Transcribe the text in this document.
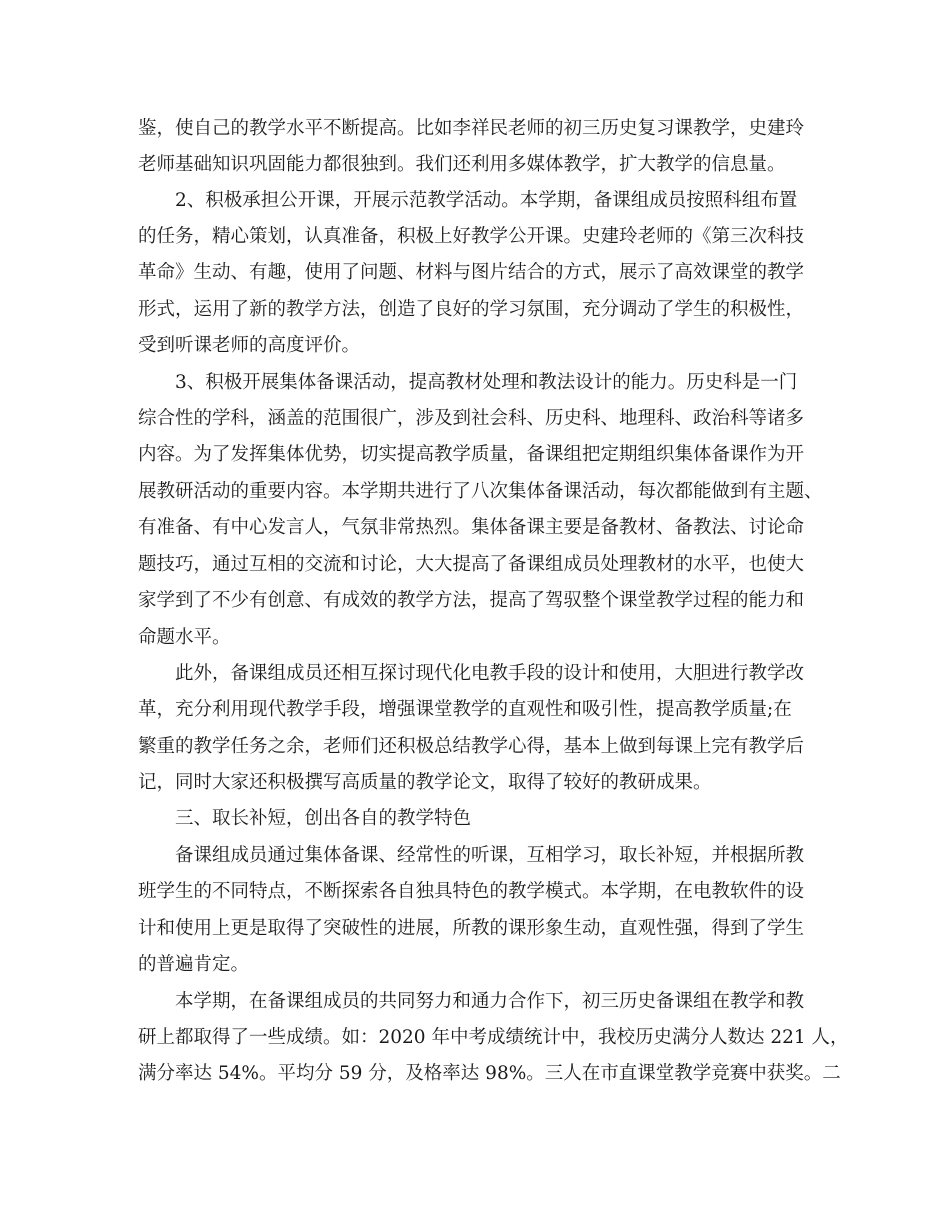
鉴，使自己的教学水平不断提高。比如李祥民老师的初三历史复习课教学，史建玲
老师基础知识巩固能力都很独到。我们还利用多媒体教学，扩大教学的信息量。
　　2、积极承担公开课，开展示范教学活动。本学期，备课组成员按照科组布置
的任务，精心策划，认真准备，积极上好教学公开课。史建玲老师的《第三次科技
革命》生动、有趣，使用了问题、材料与图片结合的方式，展示了高效课堂的教学
形式，运用了新的教学方法，创造了良好的学习氛围，充分调动了学生的积极性，
受到听课老师的高度评价。
　　3、积极开展集体备课活动，提高教材处理和教法设计的能力。历史科是一门
综合性的学科，涵盖的范围很广，涉及到社会科、历史科、地理科、政治科等诸多
内容。为了发挥集体优势，切实提高教学质量，备课组把定期组织集体备课作为开
展教研活动的重要内容。本学期共进行了八次集体备课活动，每次都能做到有主题、
有准备、有中心发言人，气氛非常热烈。集体备课主要是备教材、备教法、讨论命
题技巧，通过互相的交流和讨论，大大提高了备课组成员处理教材的水平，也使大
家学到了不少有创意、有成效的教学方法，提高了驾驭整个课堂教学过程的能力和
命题水平。
　　此外，备课组成员还相互探讨现代化电教手段的设计和使用，大胆进行教学改
革，充分利用现代教学手段，增强课堂教学的直观性和吸引性，提高教学质量;在
繁重的教学任务之余，老师们还积极总结教学心得，基本上做到每课上完有教学后
记，同时大家还积极撰写高质量的教学论文，取得了较好的教研成果。
　　三、取长补短，创出各自的教学特色
　　备课组成员通过集体备课、经常性的听课，互相学习，取长补短，并根据所教
班学生的不同特点，不断探索各自独具特色的教学模式。本学期，在电教软件的设
计和使用上更是取得了突破性的进展，所教的课形象生动，直观性强，得到了学生
的普遍肯定。
　　本学期，在备课组成员的共同努力和通力合作下，初三历史备课组在教学和教
研上都取得了一些成绩。如：2020 年中考成绩统计中，我校历史满分人数达 221 人，
满分率达 54%。平均分 59 分，及格率达 98%。三人在市直课堂教学竞赛中获奖。二
